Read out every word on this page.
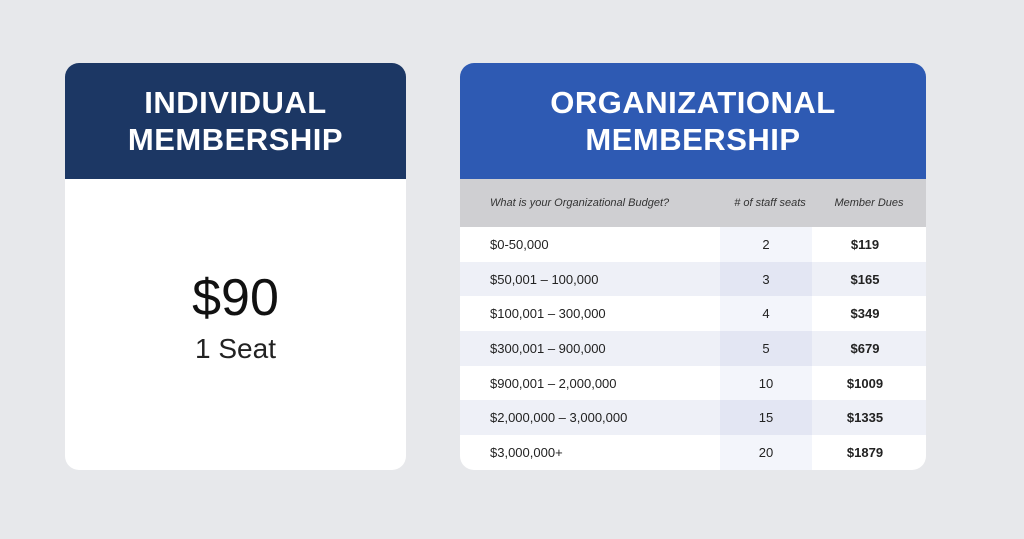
INDIVIDUAL
MEMBERSHIP
$90
1 Seat
ORGANIZATIONAL
MEMBERSHIP
What is your Organizational Budget?	# of staff seats	Member Dues
$0-50,000	2	$119
$50,001 – 100,000	3	$165
$100,001 – 300,000	4	$349
$300,001 – 900,000	5	$679
$900,001 – 2,000,000	10	$1009
$2,000,000 – 3,000,000	15	$1335
$3,000,000+	20	$1879
